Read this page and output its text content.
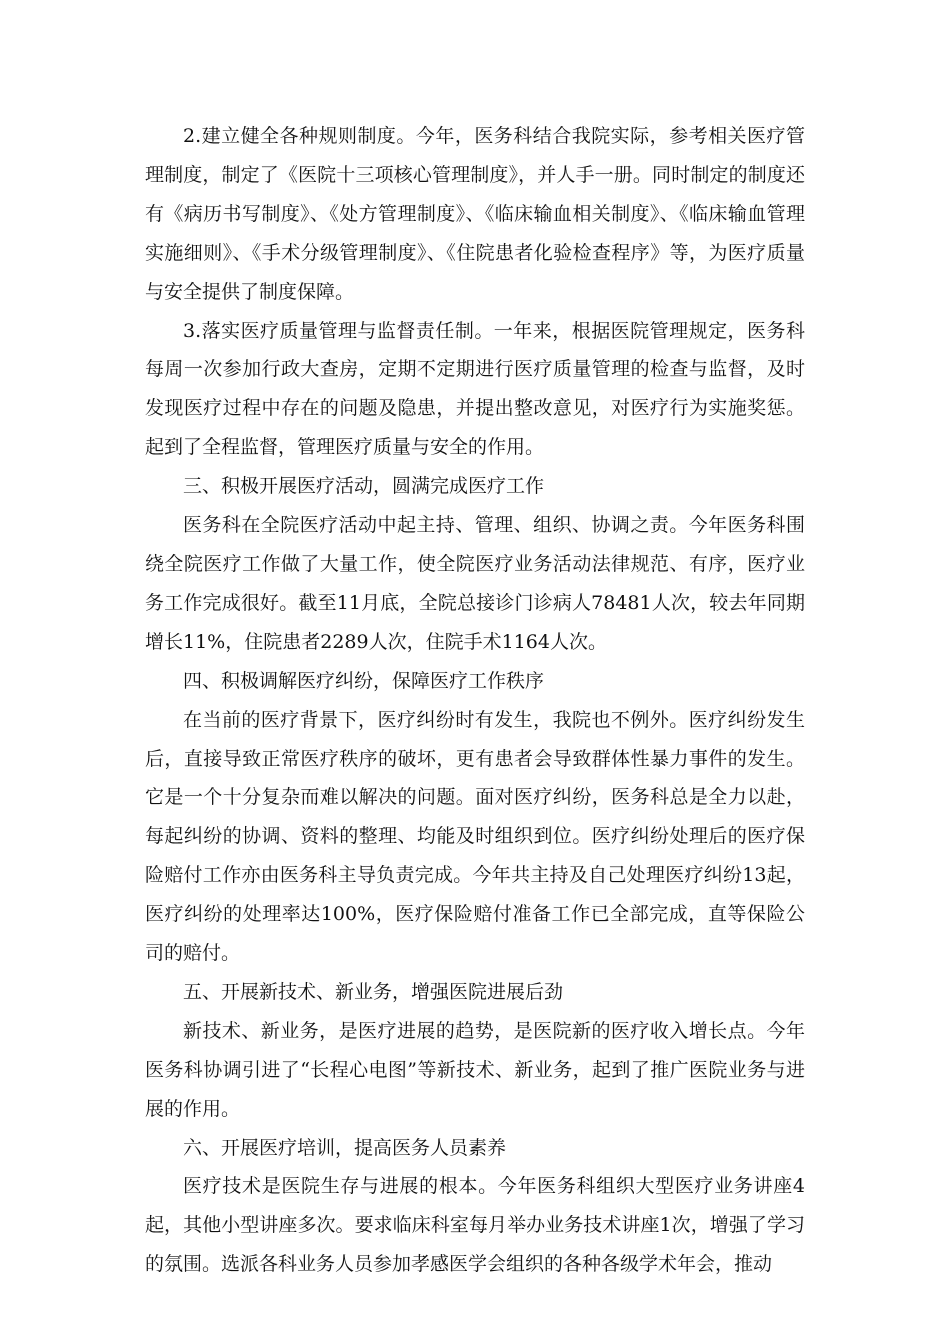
2.建立健全各种规则制度。今年，医务科结合我院实际，参考相关医疗管理制度，制定了《医院十三项核心管理制度》，并人手一册。同时制定的制度还有《病历书写制度》、《处方管理制度》、《临床输血相关制度》、《临床输血管理实施细则》、《手术分级管理制度》、《住院患者化验检查程序》等，为医疗质量与安全提供了制度保障。

3.落实医疗质量管理与监督责任制。一年来，根据医院管理规定，医务科每周一次参加行政大查房，定期不定期进行医疗质量管理的检查与监督，及时发现医疗过程中存在的问题及隐患，并提出整改意见，对医疗行为实施奖惩。起到了全程监督，管理医疗质量与安全的作用。

三、积极开展医疗活动，圆满完成医疗工作

医务科在全院医疗活动中起主持、管理、组织、协调之责。今年医务科围绕全院医疗工作做了大量工作，使全院医疗业务活动法律规范、有序，医疗业务工作完成很好。截至11月底，全院总接诊门诊病人78481人次，较去年同期增长11%，住院患者2289人次，住院手术1164人次。

四、积极调解医疗纠纷，保障医疗工作秩序

在当前的医疗背景下，医疗纠纷时有发生，我院也不例外。医疗纠纷发生后，直接导致正常医疗秩序的破坏，更有患者会导致群体性暴力事件的发生。它是一个十分复杂而难以解决的问题。面对医疗纠纷，医务科总是全力以赴，每起纠纷的协调、资料的整理、均能及时组织到位。医疗纠纷处理后的医疗保险赔付工作亦由医务科主导负责完成。今年共主持及自己处理医疗纠纷13起，医疗纠纷的处理率达100%，医疗保险赔付准备工作已全部完成，直等保险公司的赔付。

五、开展新技术、新业务，增强医院进展后劲

新技术、新业务，是医疗进展的趋势，是医院新的医疗收入增长点。今年医务科协调引进了“长程心电图”等新技术、新业务，起到了推广医院业务与进展的作用。

六、开展医疗培训，提高医务人员素养

医疗技术是医院生存与进展的根本。今年医务科组织大型医疗业务讲座4起，其他小型讲座多次。要求临床科室每月举办业务技术讲座1次，增强了学习的氛围。选派各科业务人员参加孝感医学会组织的各种各级学术年会，推动
